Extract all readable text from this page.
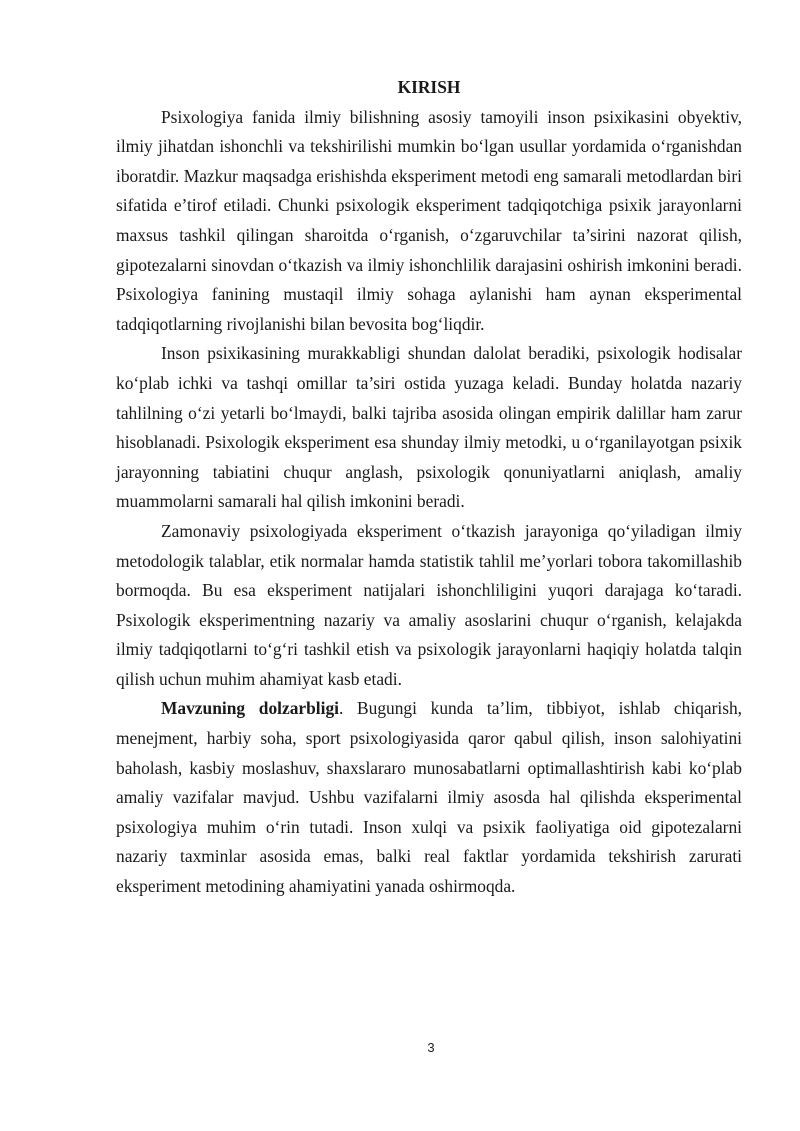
KIRISH

Psixologiya fanida ilmiy bilishning asosiy tamoyili inson psixikasini obyektiv, ilmiy jihatdan ishonchli va tekshirilishi mumkin bo‘lgan usullar yordamida o‘rganishdan iboratdir. Mazkur maqsadga erishishda eksperiment metodi eng samarali metodlardan biri sifatida e’tirof etiladi. Chunki psixologik eksperiment tadqiqotchiga psixik jarayonlarni maxsus tashkil qilingan sharoitda o‘rganish, o‘zgaruvchilar ta’sirini nazorat qilish, gipotezalarni sinovdan o‘tkazish va ilmiy ishonchlilik darajasini oshirish imkonini beradi. Psixologiya fanining mustaqil ilmiy sohaga aylanishi ham aynan eksperimental tadqiqotlarning rivojlanishi bilan bevosita bog‘liqdir.

Inson psixikasining murakkabligi shundan dalolat beradiki, psixologik hodisalar ko‘plab ichki va tashqi omillar ta’siri ostida yuzaga keladi. Bunday holatda nazariy tahlilning o‘zi yetarli bo‘lmaydi, balki tajriba asosida olingan empirik dalillar ham zarur hisoblanadi. Psixologik eksperiment esa shunday ilmiy metodki, u o‘rganilayotgan psixik jarayonning tabiatini chuqur anglash, psixologik qonuniyatlarni aniqlash, amaliy muammolarni samarali hal qilish imkonini beradi.

Zamonaviy psixologiyada eksperiment o‘tkazish jarayoniga qo‘yiladigan ilmiy metodologik talablar, etik normalar hamda statistik tahlil me’yorlari tobora takomillashib bormoqda. Bu esa eksperiment natijalari ishonchliligini yuqori darajaga ko‘taradi. Psixologik eksperimentning nazariy va amaliy asoslarini chuqur o‘rganish, kelajakda ilmiy tadqiqotlarni to‘g‘ri tashkil etish va psixologik jarayonlarni haqiqiy holatda talqin qilish uchun muhim ahamiyat kasb etadi.

Mavzuning dolzarbligi. Bugungi kunda ta’lim, tibbiyot, ishlab chiqarish, menejment, harbiy soha, sport psixologiyasida qaror qabul qilish, inson salohiyatini baholash, kasbiy moslashuv, shaxslararo munosabatlarni optimallashtirish kabi ko‘plab amaliy vazifalar mavjud. Ushbu vazifalarni ilmiy asosda hal qilishda eksperimental psixologiya muhim o‘rin tutadi. Inson xulqi va psixik faoliyatiga oid gipotezalarni nazariy taxminlar asosida emas, balki real faktlar yordamida tekshirish zarurati eksperiment metodining ahamiyatini yanada oshirmoqda.

3
